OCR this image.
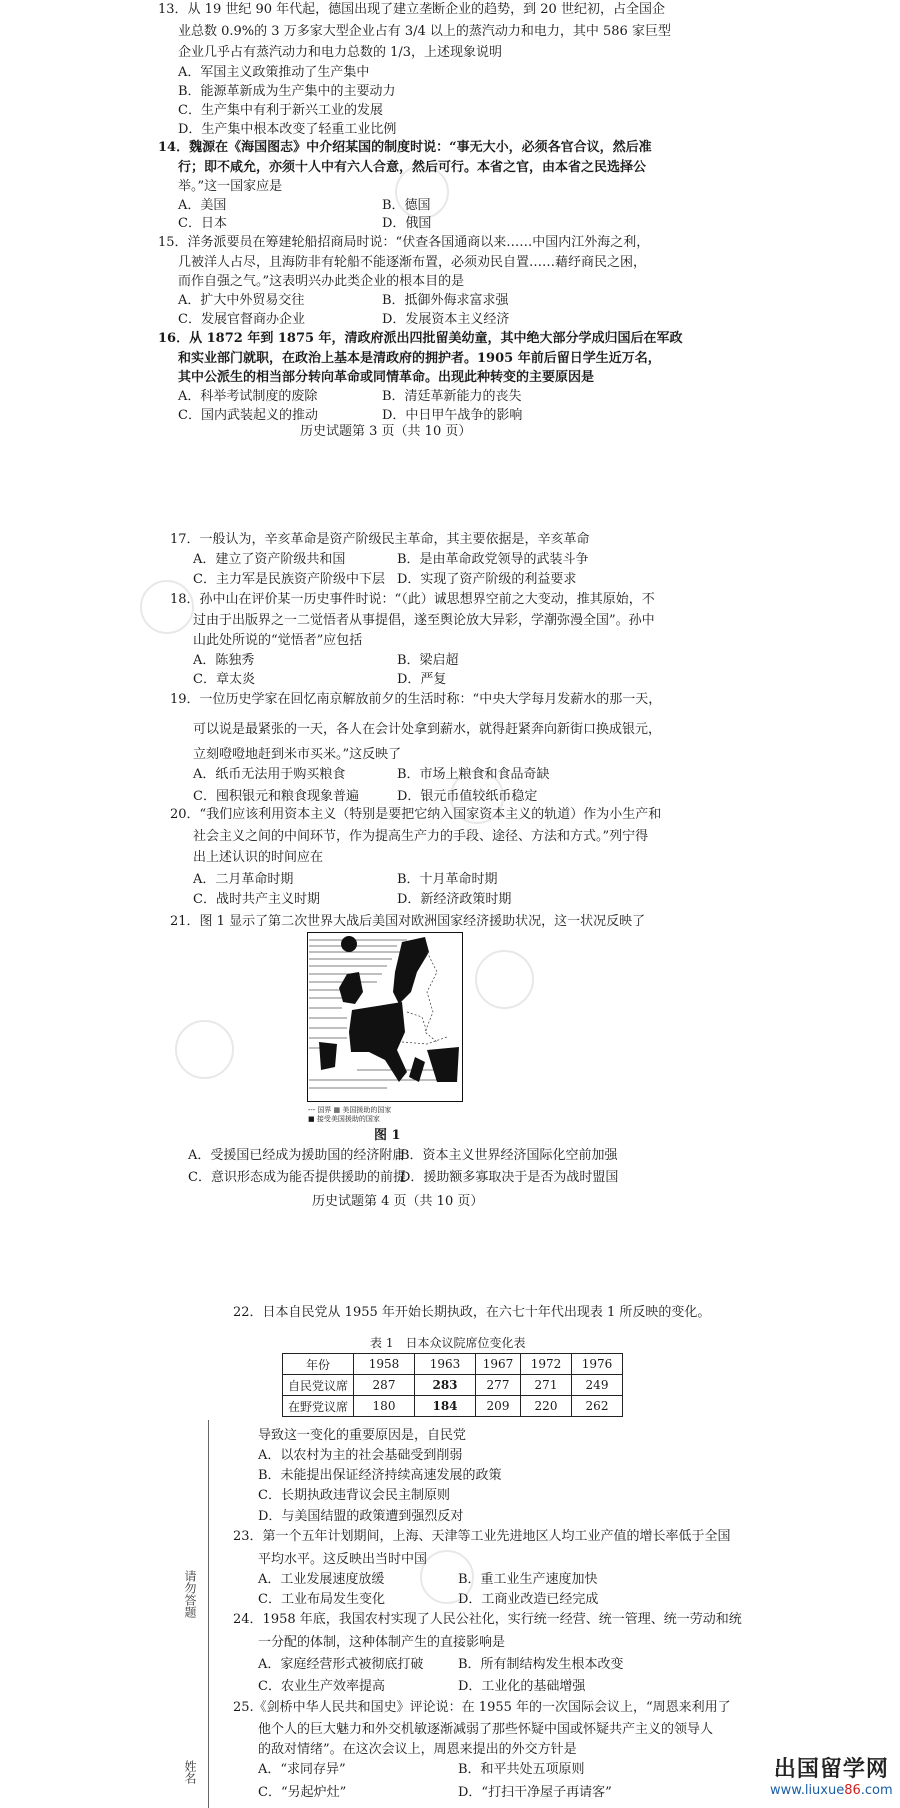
13．从 19 世纪 90 年代起，德国出现了建立垄断企业的趋势，到 20 世纪初，占全国企
业总数 0.9%的 3 万多家大型企业占有 3/4 以上的蒸汽动力和电力，其中 586 家巨型
企业几乎占有蒸汽动力和电力总数的 1/3，上述现象说明
A．军国主义政策推动了生产集中
B．能源革新成为生产集中的主要动力
C．生产集中有利于新兴工业的发展
D．生产集中根本改变了轻重工业比例
14．魏源在《海国图志》中介绍某国的制度时说：“事无大小，必须各官合议，然后准
行；即不咸允，亦须十人中有六人合意，然后可行。本省之官，由本省之民选择公
举。”这一国家应是
A．美国	B．德国
C．日本	D．俄国
15．洋务派要员在筹建轮船招商局时说：“伏查各国通商以来……中国内江外海之利，
几被洋人占尽，且海防非有轮船不能逐渐布置，必须劝民自置……藉纾商民之困，
而作自强之气。”这表明兴办此类企业的根本目的是
A．扩大中外贸易交往	B．抵御外侮求富求强
C．发展官督商办企业	D．发展资本主义经济
16．从 1872 年到 1875 年，清政府派出四批留美幼童，其中绝大部分学成归国后在军政
和实业部门就职，在政治上基本是清政府的拥护者。1905 年前后留日学生近万名，
其中公派生的相当部分转向革命或同情革命。出现此种转变的主要原因是
A．科举考试制度的废除	B．清廷革新能力的丧失
C．国内武装起义的推动	D．中日甲午战争的影响
历史试题第 3 页（共 10 页）
17．一般认为，辛亥革命是资产阶级民主革命，其主要依据是，辛亥革命
A．建立了资产阶级共和国	B．是由革命政党领导的武装斗争
C．主力军是民族资产阶级中下层 D．实现了资产阶级的利益要求
18．孙中山在评价某一历史事件时说：“（此）诚思想界空前之大变动，推其原始，不
过由于出版界之一二觉悟者从事提倡，遂至舆论放大异彩，学潮弥漫全国”。孙中
山此处所说的“觉悟者”应包括
A．陈独秀	B．梁启超
C．章太炎	D．严复
19．一位历史学家在回忆南京解放前夕的生活时称：“中央大学每月发薪水的那一天，
可以说是最紧张的一天，各人在会计处拿到薪水，就得赶紧奔向新街口换成银元，
立刻噔噔地赶到米市买米。”这反映了
A．纸币无法用于购买粮食	B．市场上粮食和食品奇缺
C．囤积银元和粮食现象普遍	D．银元币值较纸币稳定
20．“我们应该利用资本主义（特别是要把它纳入国家资本主义的轨道）作为小生产和
社会主义之间的中间环节，作为提高生产力的手段、途径、方法和方式。”列宁得
出上述认识的时间应在
A．二月革命时期	B．十月革命时期
C．战时共产主义时期	D．新经济政策时期
21．图 1 显示了第二次世界大战后美国对欧洲国家经济援助状况，这一状况反映了
--- 国界 ▦ 美国援助的国家
■ 接受美国援助的国家
图 1
A．受援国已经成为援助国的经济附庸
B．资本主义世界经济国际化空前加强
C．意识形态成为能否提供援助的前提
D．援助额多寡取决于是否为战时盟国
历史试题第 4 页（共 10 页）
请勿答题
姓名
22．日本自民党从 1955 年开始长期执政，在六七十年代出现表 1 所反映的变化。
表 1　日本众议院席位变化表
年份	1958	1963	1967	1972	1976
自民党议席	287	283	277	271	249
在野党议席	180	184	209	220	262
导致这一变化的重要原因是，自民党
A．以农村为主的社会基础受到削弱
B．未能提出保证经济持续高速发展的政策
C．长期执政违背议会民主制原则
D．与美国结盟的政策遭到强烈反对
23．第一个五年计划期间，上海、天津等工业先进地区人均工业产值的增长率低于全国
平均水平。这反映出当时中国
A．工业发展速度放缓	B．重工业生产速度加快
C．工业布局发生变化	D．工商业改造已经完成
24．1958 年底，我国农村实现了人民公社化，实行统一经营、统一管理、统一劳动和统
一分配的体制，这种体制产生的直接影响是
A．家庭经营形式被彻底打破	B．所有制结构发生根本改变
C．农业生产效率提高	D．工业化的基础增强
25.《剑桥中华人民共和国史》评论说：在 1955 年的一次国际会议上，“周恩来利用了
他个人的巨大魅力和外交机敏逐渐减弱了那些怀疑中国或怀疑共产主义的领导人
的敌对情绪”。在这次会议上，周恩来提出的外交方针是
A．“求同存异”	B．和平共处五项原则
C．“另起炉灶”	D．“打扫干净屋子再请客”
出国留学网
www.liuxue86.com
